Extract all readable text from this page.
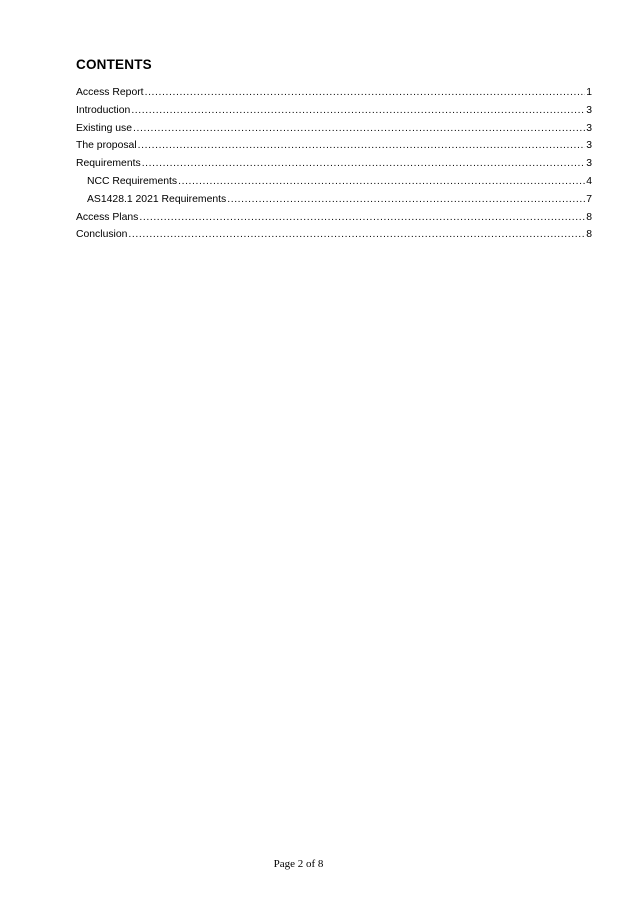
CONTENTS
Access Report .....	1
Introduction .....	3
Existing use .....	3
The proposal .....	3
Requirements .....	3
NCC Requirements .....	4
AS1428.1 2021 Requirements .....	7
Access Plans .....	8
Conclusion .....	8
Page 2 of 8
